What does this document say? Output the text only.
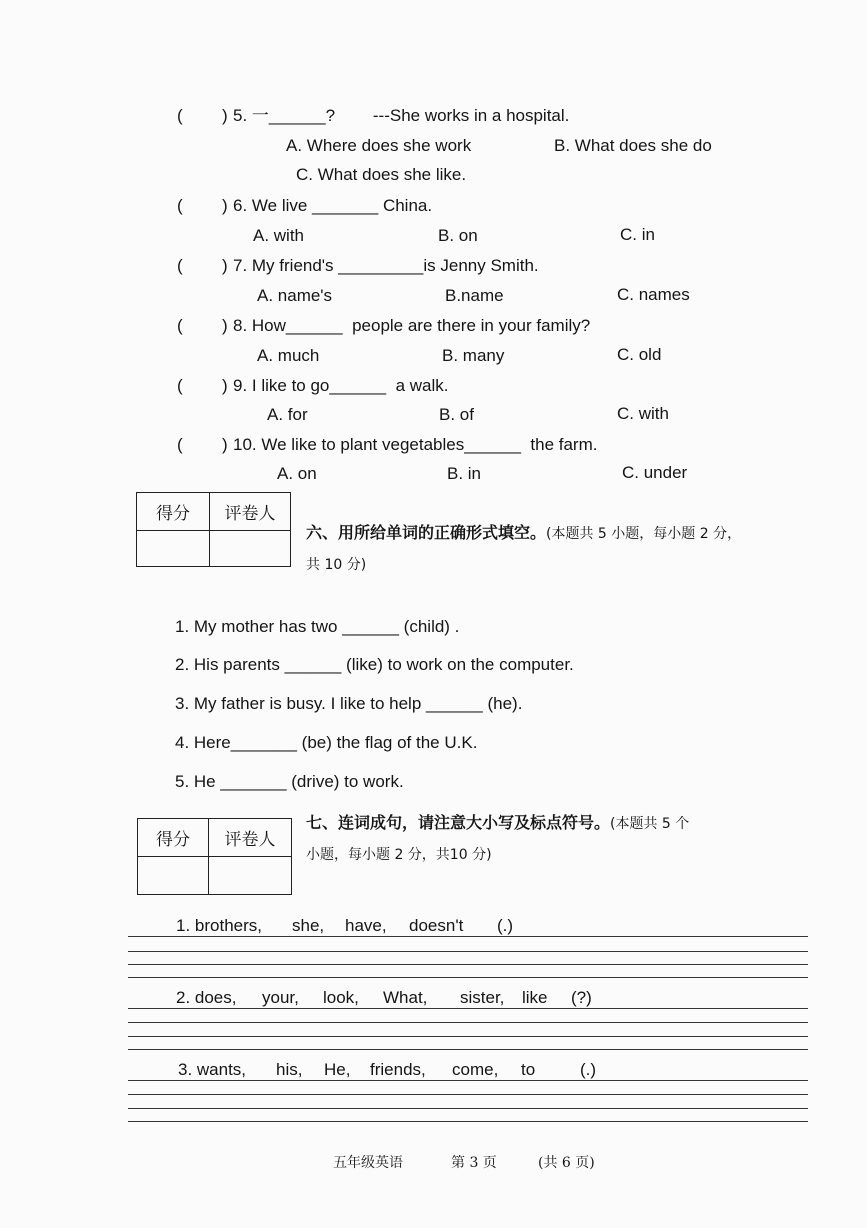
( ) 5. 一______?        ---She works in a hospital.
A. Where does she work	B. What does she do
C. What does she like.
( ) 6. We live _______ China.
A. with	B. on	C. in
( ) 7. My friend's _________is Jenny Smith.
A. name's	B.name	C. names
( ) 8. How______  people are there in your family?
A. much	B. many	C. old
( ) 9. I like to go______  a walk.
A. for	B. of	C. with
( ) 10. We like to plant vegetables______  the farm.
A. on	B. in	C. under
得分	评卷人

六、用所给单词的正确形式填空。(本题共 5 小题，每小题 2 分，
共 10 分)
1. My mother has two ______ (child) .
2. His parents ______ (like) to work on the computer.
3. My father is busy. I like to help ______ (he).
4. Here_______ (be) the flag of the U.K.
5. He _______ (drive) to work.
得分	评卷人

七、连词成句，请注意大小写及标点符号。(本题共 5 个
小题，每小题 2 分，共10 分)
1. brothers, she, have, doesn't (.)
2. does, your, look, What, sister, like (?)
3. wants, his, He, friends, come, to	(.)
五年级英语	第 3 页	(共 6 页)
